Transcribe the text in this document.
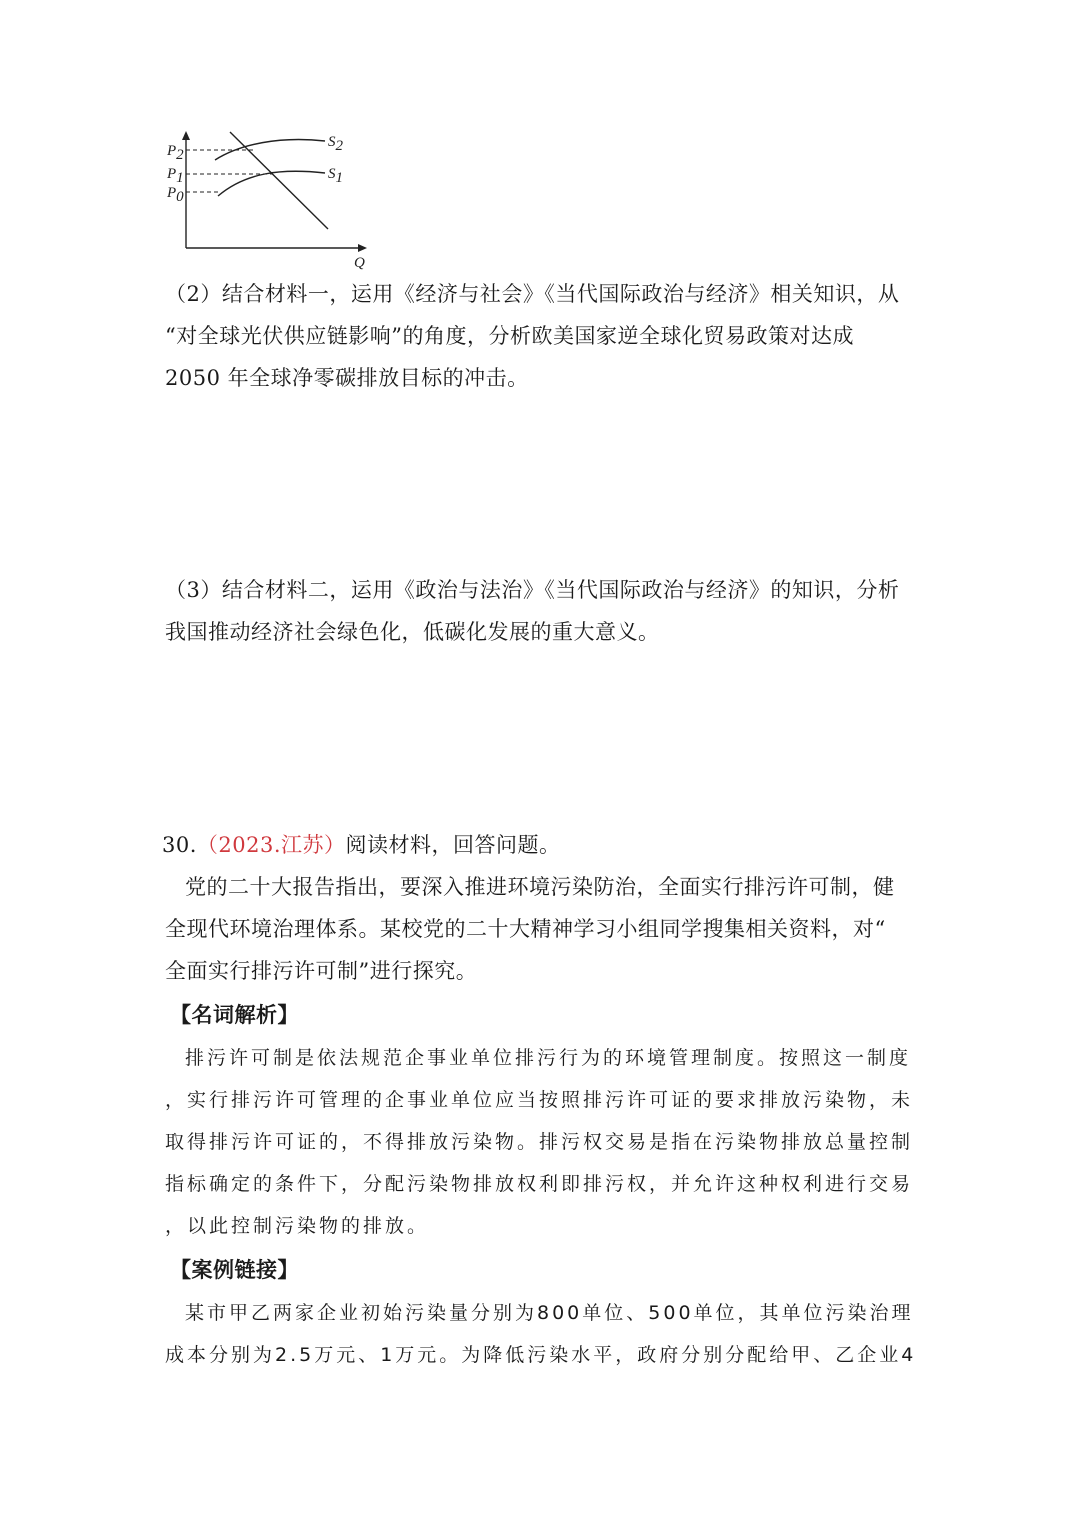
P2
P1
P0
S2
S1
Q
（2）结合材料一，运用《经济与社会》《当代国际政治与经济》相关知识，从
“对全球光伏供应链影响”的角度，分析欧美国家逆全球化贸易政策对达成
2050 年全球净零碳排放目标的冲击。
（3）结合材料二，运用《政治与法治》《当代国际政治与经济》的知识，分析
我国推动经济社会绿色化，低碳化发展的重大意义。
30.（2023.江苏）阅读材料，回答问题。
党的二十大报告指出，要深入推进环境污染防治，全面实行排污许可制，健
全现代环境治理体系。某校党的二十大精神学习小组同学搜集相关资料，对“
全面实行排污许可制”进行探究。
【名词解析】
排污许可制是依法规范企事业单位排污行为的环境管理制度。按照这一制度
，实行排污许可管理的企事业单位应当按照排污许可证的要求排放污染物，未
取得排污许可证的，不得排放污染物。排污权交易是指在污染物排放总量控制
指标确定的条件下，分配污染物排放权利即排污权，并允许这种权利进行交易
，以此控制污染物的排放。
【案例链接】
某市甲乙两家企业初始污染量分别为800单位、500单位，其单位污染治理
成本分别为2.5万元、1万元。为降低污染水平，政府分别分配给甲、乙企业4
